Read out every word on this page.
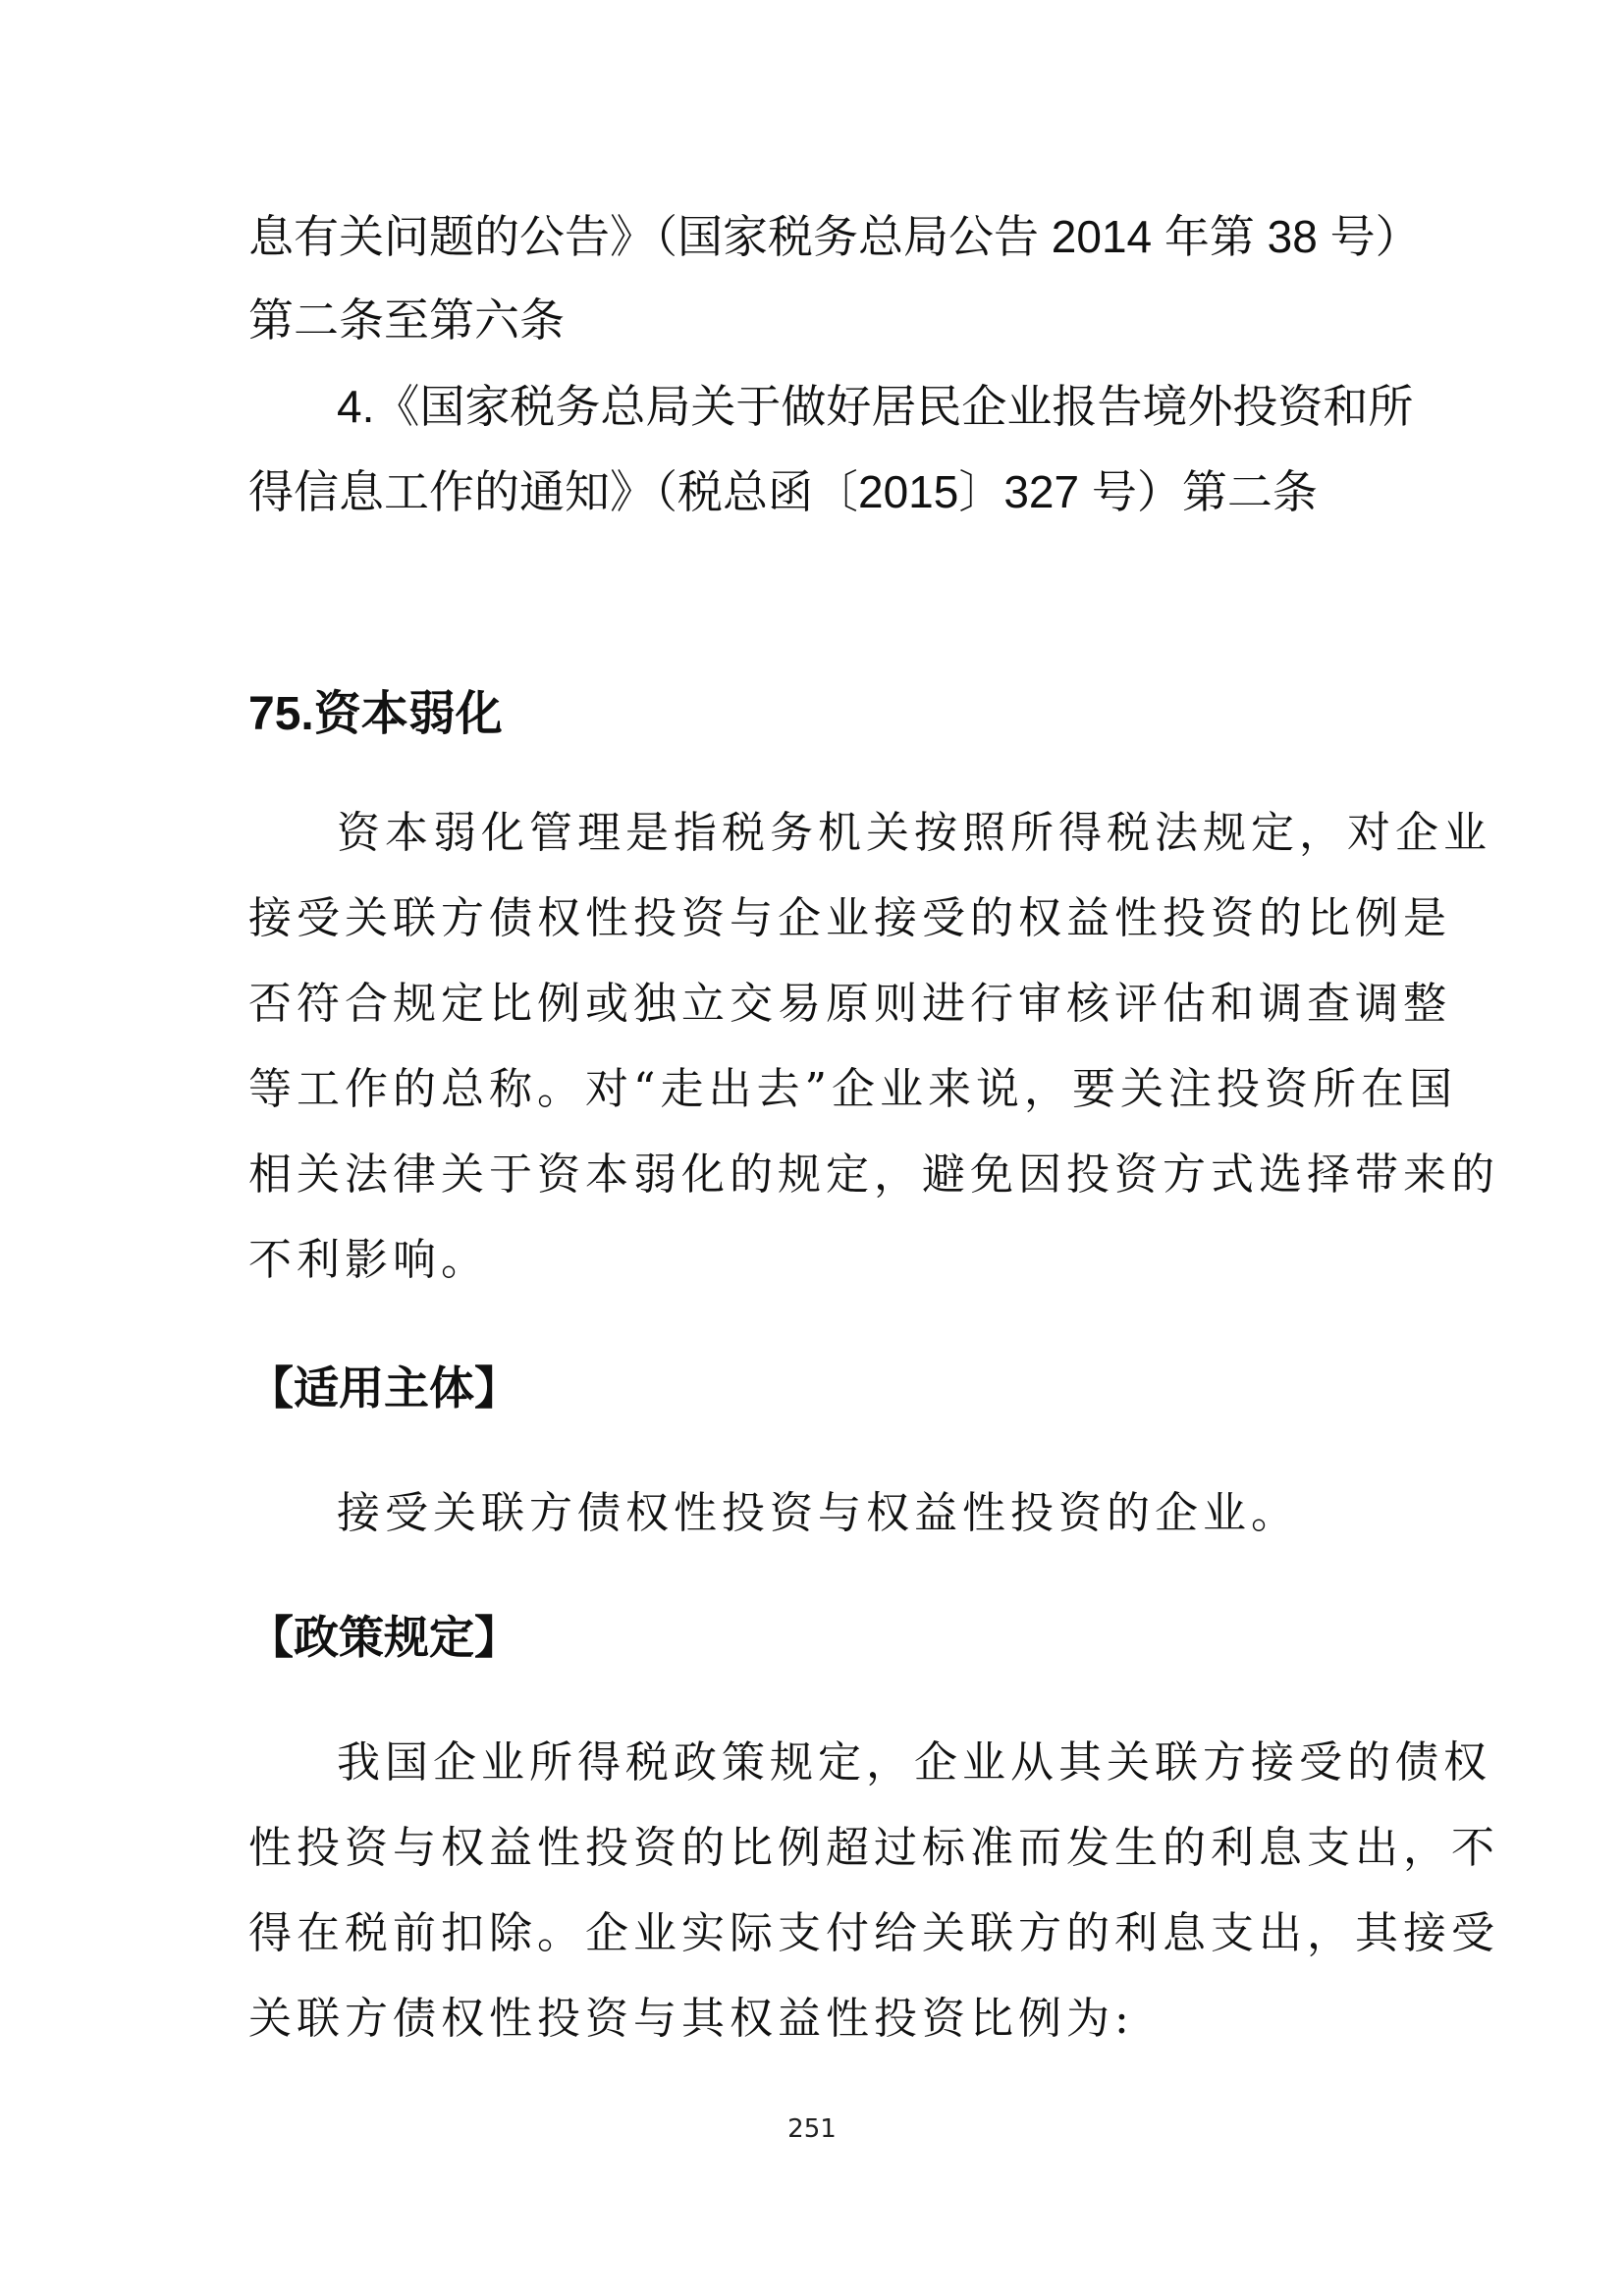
息有关问题的公告》（国家税务总局公告 2014 年第 38 号）

第二条至第六条

4.《国家税务总局关于做好居民企业报告境外投资和所

得信息工作的通知》（税总函〔2015〕327 号）第二条

75.资本弱化

资本弱化管理是指税务机关按照所得税法规定，对企业

接受关联方债权性投资与企业接受的权益性投资的比例是

否符合规定比例或独立交易原则进行审核评估和调查调整

等工作的总称。对“走出去”企业来说，要关注投资所在国

相关法律关于资本弱化的规定，避免因投资方式选择带来的

不利影响。

【适用主体】

接受关联方债权性投资与权益性投资的企业。

【政策规定】

我国企业所得税政策规定，企业从其关联方接受的债权

性投资与权益性投资的比例超过标准而发生的利息支出，不

得在税前扣除。企业实际支付给关联方的利息支出，其接受

关联方债权性投资与其权益性投资比例为:

251
